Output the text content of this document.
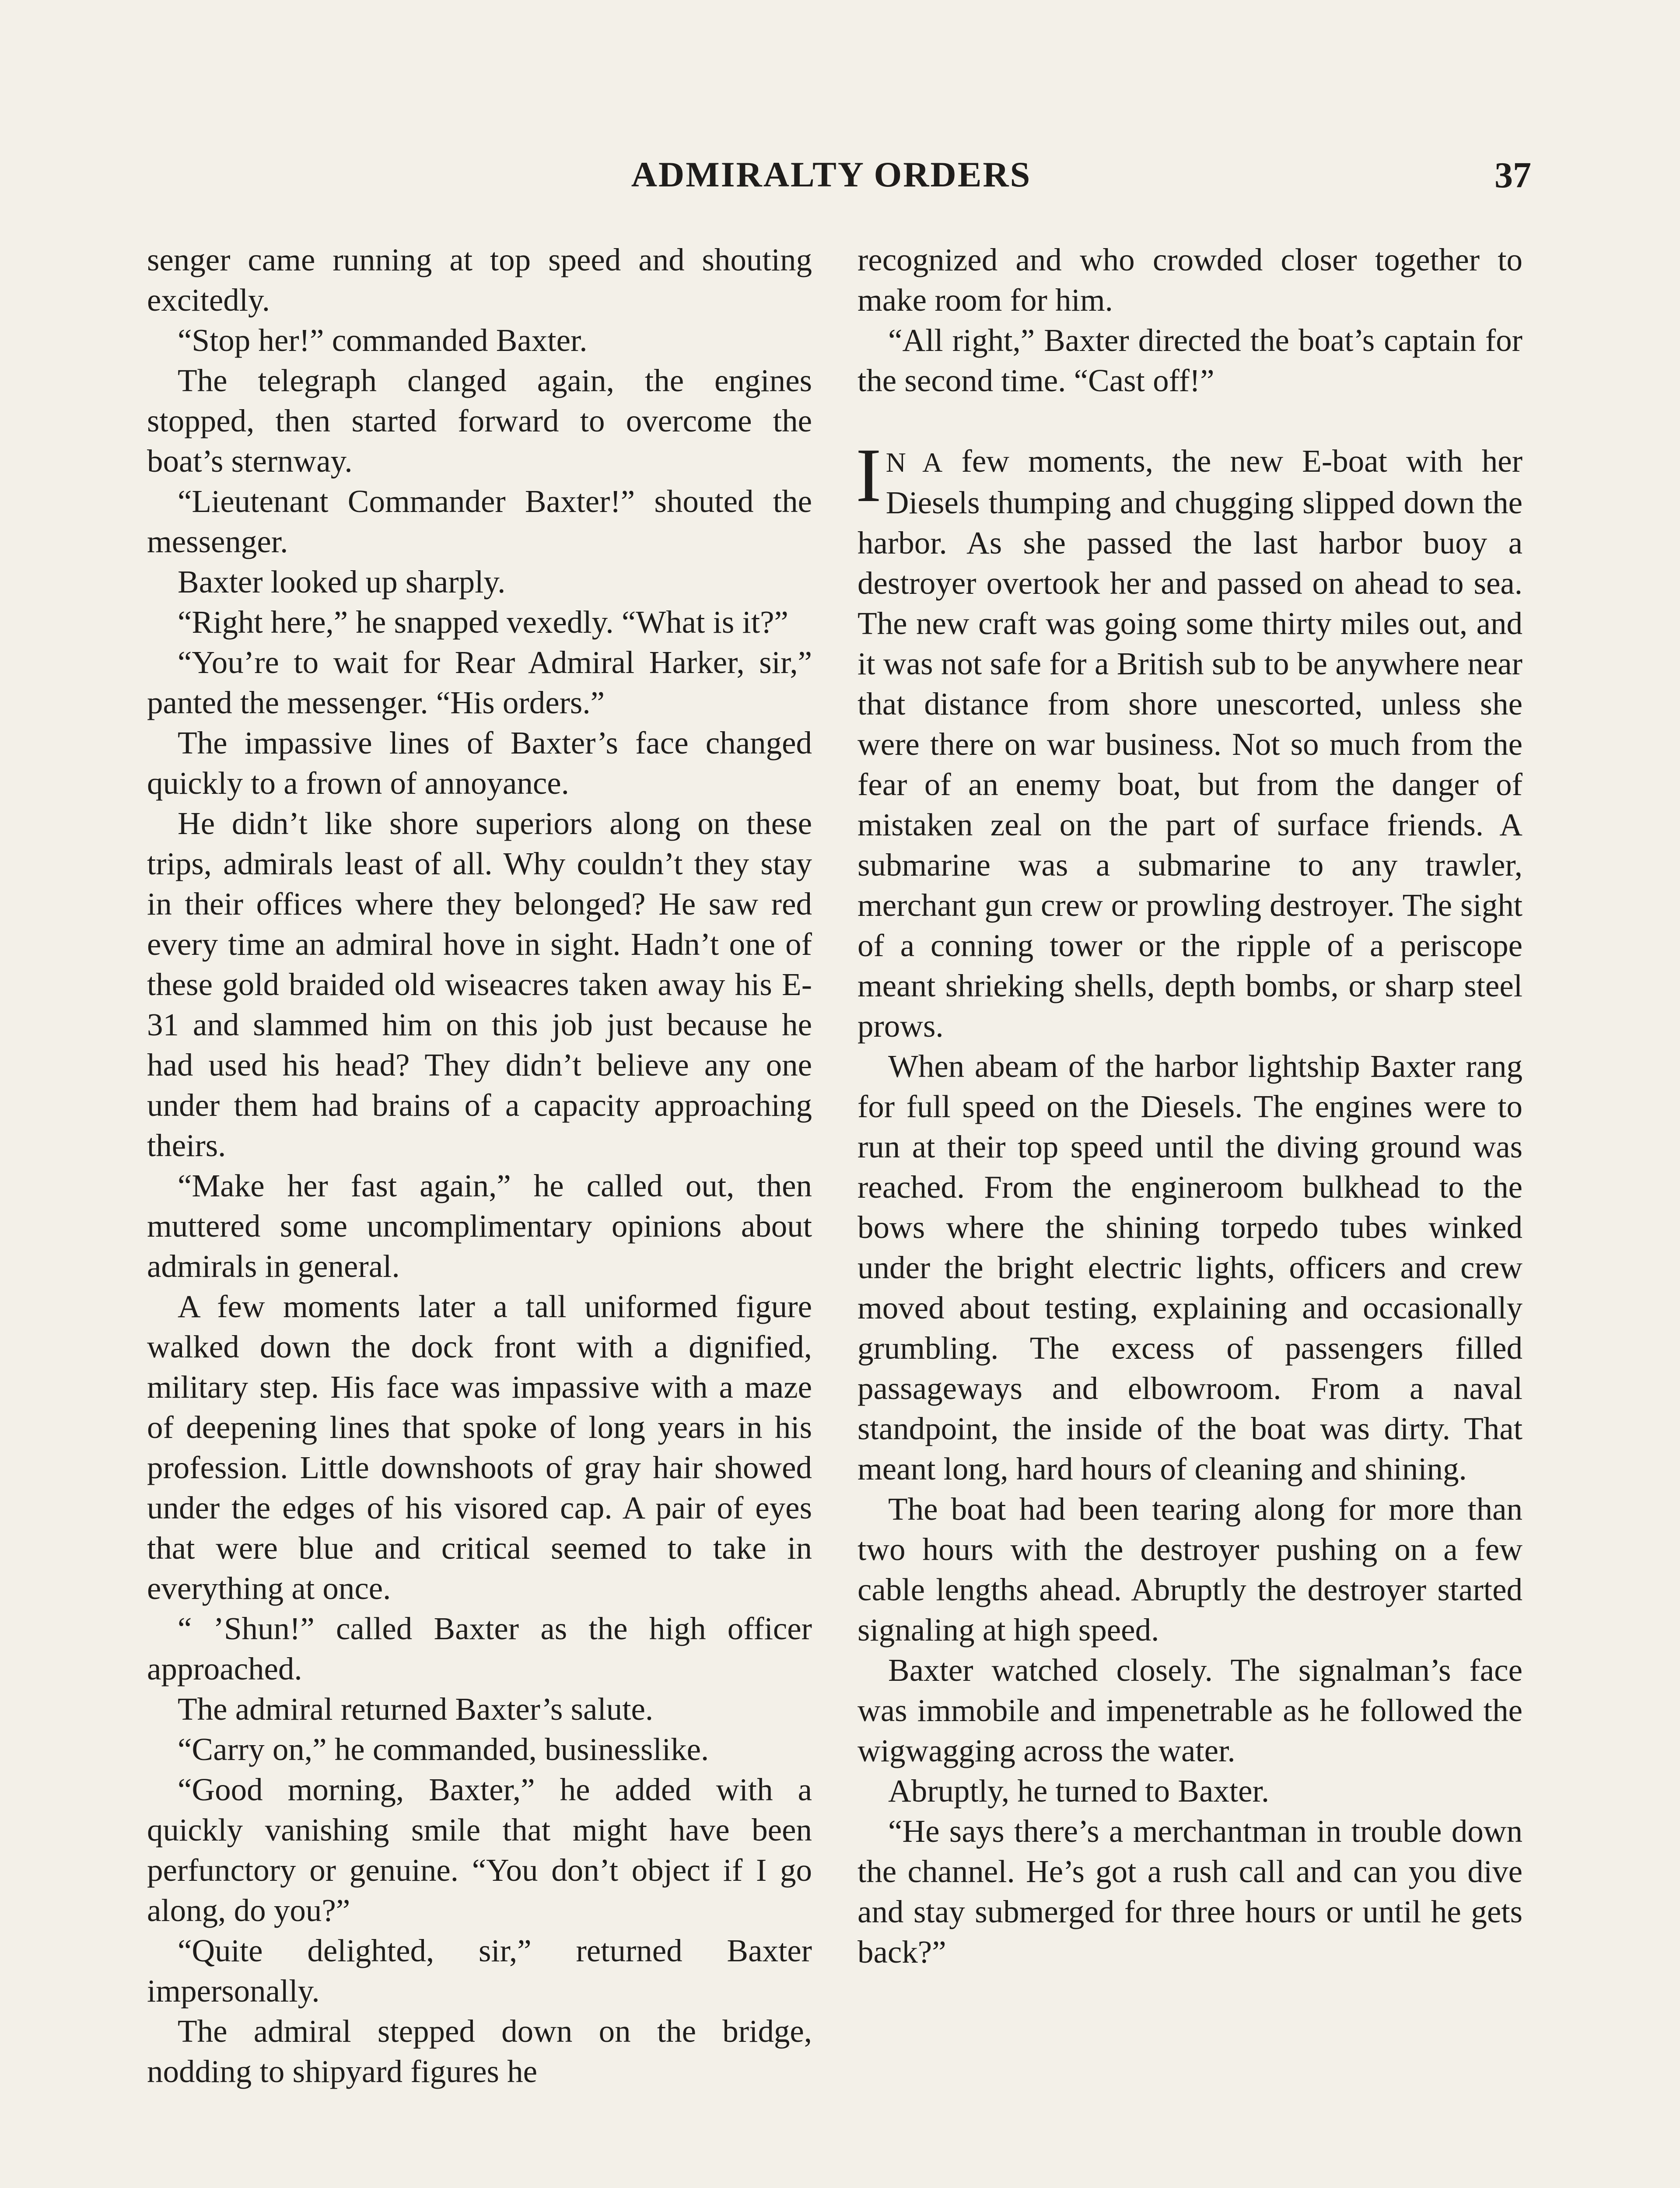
ADMIRALTY ORDERS	37

senger came running at top speed and shouting excitedly.

“Stop her!” commanded Baxter.

The telegraph clanged again, the engines stopped, then started forward to overcome the boat’s sternway.

“Lieutenant Commander Baxter!” shouted the messenger.

Baxter looked up sharply.

“Right here,” he snapped vexedly. “What is it?”

“You’re to wait for Rear Admiral Harker, sir,” panted the messenger. “His orders.”

The impassive lines of Baxter’s face changed quickly to a frown of annoyance.

He didn’t like shore superiors along on these trips, admirals least of all. Why couldn’t they stay in their offices where they belonged? He saw red every time an admiral hove in sight. Hadn’t one of these gold braided old wiseacres taken away his E-31 and slammed him on this job just because he had used his head? They didn’t believe any one under them had brains of a capacity approaching theirs.

“Make her fast again,” he called out, then muttered some uncomplimentary opinions about admirals in general.

A few moments later a tall uniformed figure walked down the dock front with a dignified, military step. His face was impassive with a maze of deepening lines that spoke of long years in his profession. Little downshoots of gray hair showed under the edges of his visored cap. A pair of eyes that were blue and critical seemed to take in everything at once.

“ ’Shun!” called Baxter as the high officer approached.

The admiral returned Baxter’s salute.

“Carry on,” he commanded, businesslike.

“Good morning, Baxter,” he added with a quickly vanishing smile that might have been perfunctory or genuine. “You don’t object if I go along, do you?”

“Quite delighted, sir,” returned Baxter impersonally.

The admiral stepped down on the bridge, nodding to shipyard figures he

recognized and who crowded closer together to make room for him.

“All right,” Baxter directed the boat’s captain for the second time. “Cast off!”

I N A few moments, the new E-boat with her Diesels thumping and chugging slipped down the harbor. As she passed the last harbor buoy a destroyer overtook her and passed on ahead to sea. The new craft was going some thirty miles out, and it was not safe for a British sub to be anywhere near that distance from shore unescorted, unless she were there on war business. Not so much from the fear of an enemy boat, but from the danger of mistaken zeal on the part of surface friends. A submarine was a submarine to any trawler, merchant gun crew or prowling destroyer. The sight of a conning tower or the ripple of a periscope meant shrieking shells, depth bombs, or sharp steel prows.

When abeam of the harbor lightship Baxter rang for full speed on the Diesels. The engines were to run at their top speed until the diving ground was reached. From the engineroom bulkhead to the bows where the shining torpedo tubes winked under the bright electric lights, officers and crew moved about testing, explaining and occasionally grumbling. The excess of passengers filled passageways and elbowroom. From a naval standpoint, the inside of the boat was dirty. That meant long, hard hours of cleaning and shining.

The boat had been tearing along for more than two hours with the destroyer pushing on a few cable lengths ahead. Abruptly the destroyer started signaling at high speed.

Baxter watched closely. The signalman’s face was immobile and impenetrable as he followed the wigwagging across the water.

Abruptly, he turned to Baxter.

“He says there’s a merchantman in trouble down the channel. He’s got a rush call and can you dive and stay submerged for three hours or until he gets back?”
